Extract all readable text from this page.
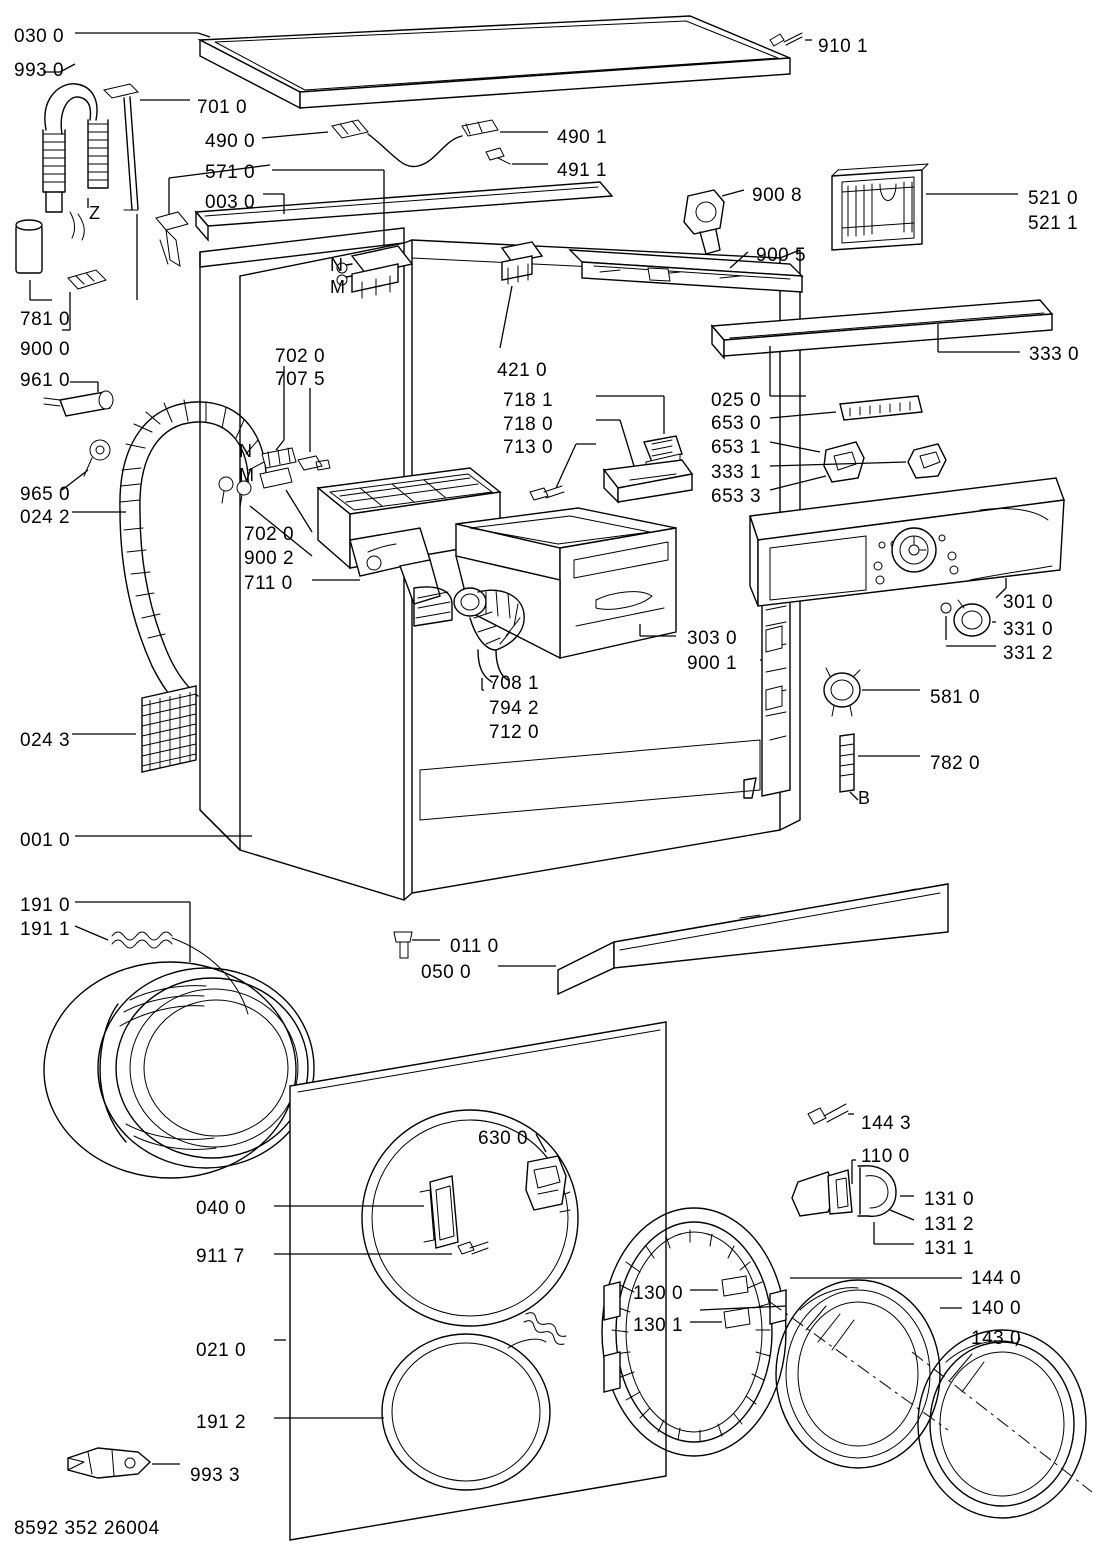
030 0
993 0
910 1
701 0
490 0	490 1
571 0	491 1
003 0	900 8	521 0
521 1
Z
900 5
781 0
900 0
N
M
333 0
961 0
702 0
707 5
718 1	025 0
421 0
718 0	653 0
713 0	653 1
N
333 1
M
653 3
965 0
024 2
702 0
900 2
711 0
301 0
331 0
331 2
303 0
900 1
708 1
581 0
794 2
712 0
024 3
782 0
B
001 0
191 0
191 1
011 0
050 0
144 3
110 0
630 0
131 0
040 0
131 2
131 1
911 7
130 0
144 0
130 1
140 0
143 0
021 0
191 2
993 3
8592 352 26004
